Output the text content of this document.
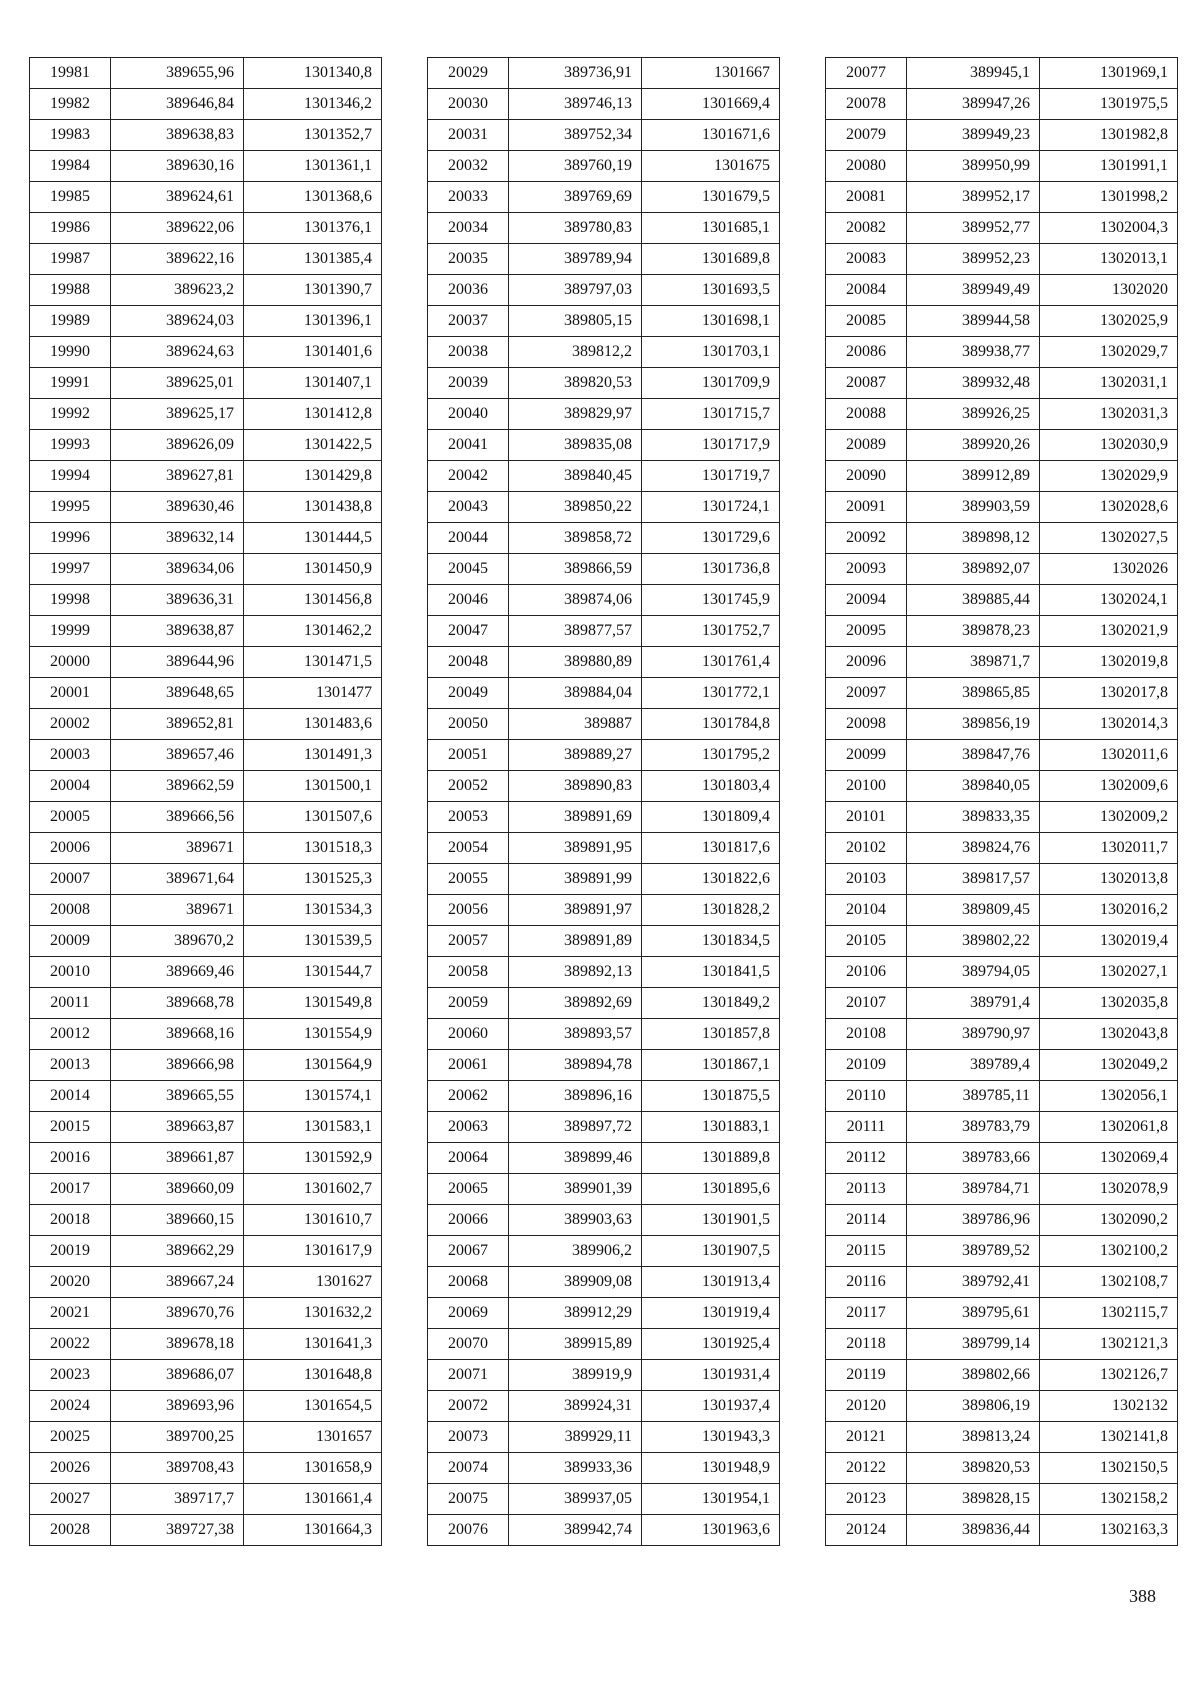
19981	389655,96	1301340,8
19982	389646,84	1301346,2
19983	389638,83	1301352,7
19984	389630,16	1301361,1
19985	389624,61	1301368,6
19986	389622,06	1301376,1
19987	389622,16	1301385,4
19988	389623,2	1301390,7
19989	389624,03	1301396,1
19990	389624,63	1301401,6
19991	389625,01	1301407,1
19992	389625,17	1301412,8
19993	389626,09	1301422,5
19994	389627,81	1301429,8
19995	389630,46	1301438,8
19996	389632,14	1301444,5
19997	389634,06	1301450,9
19998	389636,31	1301456,8
19999	389638,87	1301462,2
20000	389644,96	1301471,5
20001	389648,65	1301477
20002	389652,81	1301483,6
20003	389657,46	1301491,3
20004	389662,59	1301500,1
20005	389666,56	1301507,6
20006	389671	1301518,3
20007	389671,64	1301525,3
20008	389671	1301534,3
20009	389670,2	1301539,5
20010	389669,46	1301544,7
20011	389668,78	1301549,8
20012	389668,16	1301554,9
20013	389666,98	1301564,9
20014	389665,55	1301574,1
20015	389663,87	1301583,1
20016	389661,87	1301592,9
20017	389660,09	1301602,7
20018	389660,15	1301610,7
20019	389662,29	1301617,9
20020	389667,24	1301627
20021	389670,76	1301632,2
20022	389678,18	1301641,3
20023	389686,07	1301648,8
20024	389693,96	1301654,5
20025	389700,25	1301657
20026	389708,43	1301658,9
20027	389717,7	1301661,4
20028	389727,38	1301664,3
20029	389736,91	1301667
20030	389746,13	1301669,4
20031	389752,34	1301671,6
20032	389760,19	1301675
20033	389769,69	1301679,5
20034	389780,83	1301685,1
20035	389789,94	1301689,8
20036	389797,03	1301693,5
20037	389805,15	1301698,1
20038	389812,2	1301703,1
20039	389820,53	1301709,9
20040	389829,97	1301715,7
20041	389835,08	1301717,9
20042	389840,45	1301719,7
20043	389850,22	1301724,1
20044	389858,72	1301729,6
20045	389866,59	1301736,8
20046	389874,06	1301745,9
20047	389877,57	1301752,7
20048	389880,89	1301761,4
20049	389884,04	1301772,1
20050	389887	1301784,8
20051	389889,27	1301795,2
20052	389890,83	1301803,4
20053	389891,69	1301809,4
20054	389891,95	1301817,6
20055	389891,99	1301822,6
20056	389891,97	1301828,2
20057	389891,89	1301834,5
20058	389892,13	1301841,5
20059	389892,69	1301849,2
20060	389893,57	1301857,8
20061	389894,78	1301867,1
20062	389896,16	1301875,5
20063	389897,72	1301883,1
20064	389899,46	1301889,8
20065	389901,39	1301895,6
20066	389903,63	1301901,5
20067	389906,2	1301907,5
20068	389909,08	1301913,4
20069	389912,29	1301919,4
20070	389915,89	1301925,4
20071	389919,9	1301931,4
20072	389924,31	1301937,4
20073	389929,11	1301943,3
20074	389933,36	1301948,9
20075	389937,05	1301954,1
20076	389942,74	1301963,6
20077	389945,1	1301969,1
20078	389947,26	1301975,5
20079	389949,23	1301982,8
20080	389950,99	1301991,1
20081	389952,17	1301998,2
20082	389952,77	1302004,3
20083	389952,23	1302013,1
20084	389949,49	1302020
20085	389944,58	1302025,9
20086	389938,77	1302029,7
20087	389932,48	1302031,1
20088	389926,25	1302031,3
20089	389920,26	1302030,9
20090	389912,89	1302029,9
20091	389903,59	1302028,6
20092	389898,12	1302027,5
20093	389892,07	1302026
20094	389885,44	1302024,1
20095	389878,23	1302021,9
20096	389871,7	1302019,8
20097	389865,85	1302017,8
20098	389856,19	1302014,3
20099	389847,76	1302011,6
20100	389840,05	1302009,6
20101	389833,35	1302009,2
20102	389824,76	1302011,7
20103	389817,57	1302013,8
20104	389809,45	1302016,2
20105	389802,22	1302019,4
20106	389794,05	1302027,1
20107	389791,4	1302035,8
20108	389790,97	1302043,8
20109	389789,4	1302049,2
20110	389785,11	1302056,1
20111	389783,79	1302061,8
20112	389783,66	1302069,4
20113	389784,71	1302078,9
20114	389786,96	1302090,2
20115	389789,52	1302100,2
20116	389792,41	1302108,7
20117	389795,61	1302115,7
20118	389799,14	1302121,3
20119	389802,66	1302126,7
20120	389806,19	1302132
20121	389813,24	1302141,8
20122	389820,53	1302150,5
20123	389828,15	1302158,2
20124	389836,44	1302163,3
388
